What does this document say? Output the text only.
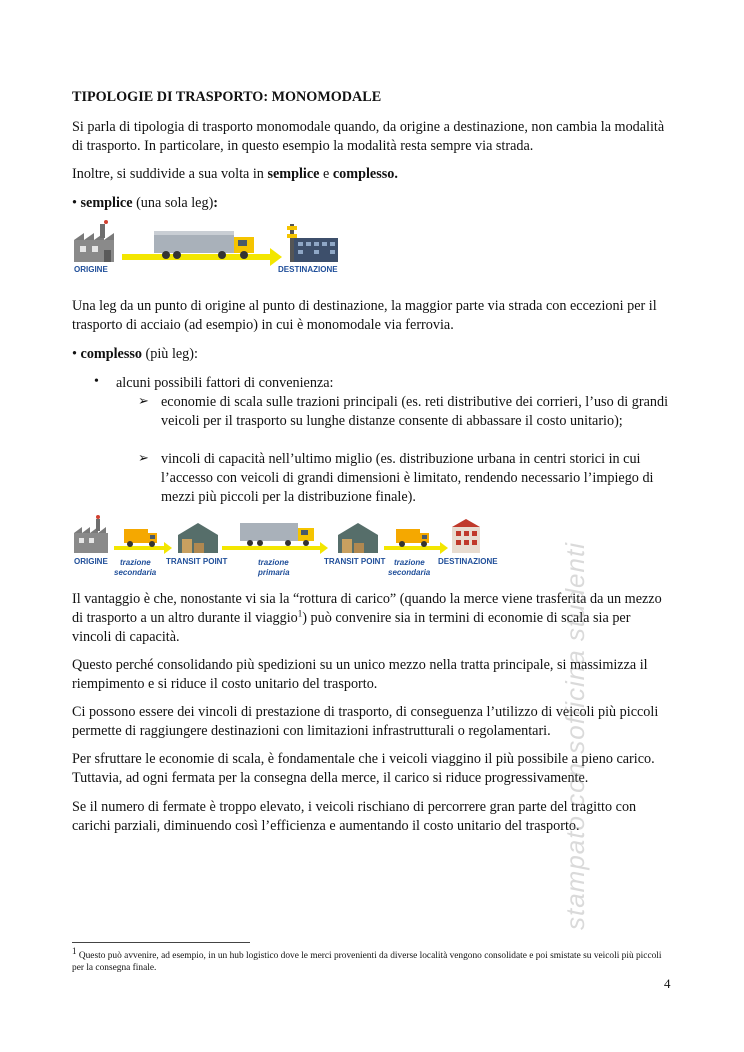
TIPOLOGIE DI TRASPORTO: MONOMODALE

Si parla di tipologia di trasporto monomodale quando, da origine a destinazione, non cambia la modalità di trasporto. In particolare, in questo esempio la modalità resta sempre via strada.

Inoltre, si suddivide a sua volta in semplice e complesso.

• semplice (una sola leg):

ORIGINE	DESTINAZIONE

Una leg da un punto di origine al punto di destinazione, la maggior parte via strada con eccezioni per il trasporto di acciaio (ad esempio) in cui è monomodale via ferrovia.

• complesso (più leg):

• alcuni possibili fattori di convenienza:
➢ economie di scala sulle trazioni principali (es. reti distributive dei corrieri, l’uso di grandi veicoli per il trasporto su lunghe distanze consente di abbassare il costo unitario);

➢ vincoli di capacità nell’ultimo miglio (es. distribuzione urbana in centri storici in cui l’accesso con veicoli di grandi dimensioni è limitato, rendendo necessario l’impiego di mezzi più piccoli per la distribuzione finale).

ORIGINE trazione
secondaria
TRANSIT POINT	trazione
primaria
TRANSIT POINT trazione
secondaria
DESTINAZIONE

Il vantaggio è che, nonostante vi sia la “rottura di carico” (quando la merce viene trasferita da un mezzo di trasporto a un altro durante il viaggio$^1$) può convenire sia in termini di economie di scala sia per vincoli di capacità.

Questo perché consolidando più spedizioni su un unico mezzo nella tratta principale, si massimizza il riempimento e si riduce il costo unitario del trasporto.

Ci possono essere dei vincoli di prestazione di trasporto, di conseguenza l’utilizzo di veicoli più piccoli permette di raggiungere destinazioni con limitazioni infrastrutturali o regolamentari.

Per sfruttare le economie di scala, è fondamentale che i veicoli viaggino il più possibile a pieno carico. Tuttavia, ad ogni fermata per la consegna della merce, il carico si riduce progressivamente.

Se il numero di fermate è troppo elevato, i veicoli rischiano di percorrere gran parte del tragitto con carichi parziali, diminuendo così l’efficienza e aumentando il costo unitario del trasporto.

stampato con sofficina studenti

$^1$ Questo può avvenire, ad esempio, in un hub logistico dove le merci provenienti da diverse località vengono consolidate e poi smistate su veicoli più piccoli per la consegna finale.

4
